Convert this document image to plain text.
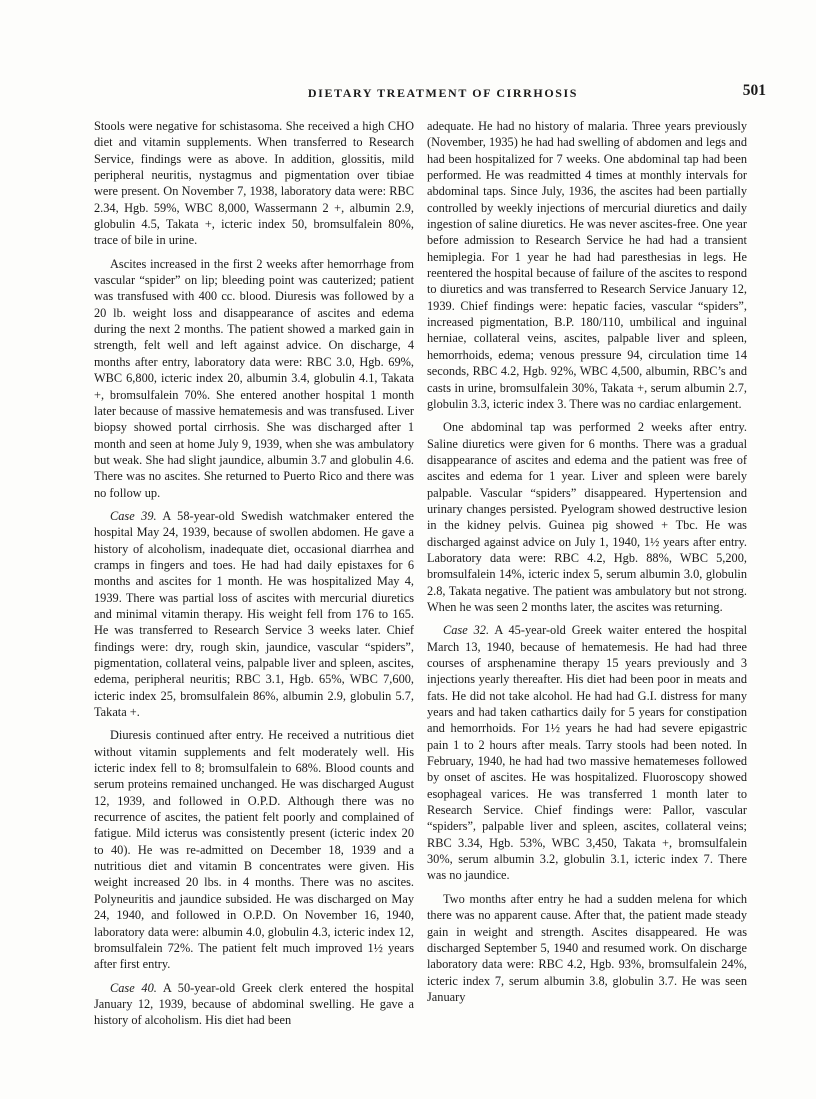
DIETARY TREATMENT OF CIRRHOSIS	501

Stools were negative for schistasoma. She received a high CHO diet and vitamin supplements. When transferred to Research Service, findings were as above. In addition, glossitis, mild peripheral neuritis, nystagmus and pigmentation over tibiae were present. On November 7, 1938, laboratory data were: RBC 2.34, Hgb. 59%, WBC 8,000, Wassermann 2 +, albumin 2.9, globulin 4.5, Takata +, icteric index 50, bromsulfalein 80%, trace of bile in urine.

Ascites increased in the first 2 weeks after hemorrhage from vascular “spider” on lip; bleeding point was cauterized; patient was transfused with 400 cc. blood. Diuresis was followed by a 20 lb. weight loss and disappearance of ascites and edema during the next 2 months. The patient showed a marked gain in strength, felt well and left against advice. On discharge, 4 months after entry, laboratory data were: RBC 3.0, Hgb. 69%, WBC 6,800, icteric index 20, albumin 3.4, globulin 4.1, Takata +, bromsulfalein 70%. She entered another hospital 1 month later because of massive hematemesis and was transfused. Liver biopsy showed portal cirrhosis. She was discharged after 1 month and seen at home July 9, 1939, when she was ambulatory but weak. She had slight jaundice, albumin 3.7 and globulin 4.6. There was no ascites. She returned to Puerto Rico and there was no follow up.

Case 39. A 58-year-old Swedish watchmaker entered the hospital May 24, 1939, because of swollen abdomen. He gave a history of alcoholism, inadequate diet, occasional diarrhea and cramps in fingers and toes. He had had daily epistaxes for 6 months and ascites for 1 month. He was hospitalized May 4, 1939. There was partial loss of ascites with mercurial diuretics and minimal vitamin therapy. His weight fell from 176 to 165. He was transferred to Research Service 3 weeks later. Chief findings were: dry, rough skin, jaundice, vascular “spiders”, pigmentation, collateral veins, palpable liver and spleen, ascites, edema, peripheral neuritis; RBC 3.1, Hgb. 65%, WBC 7,600, icteric index 25, bromsulfalein 86%, albumin 2.9, globulin 5.7, Takata +.

Diuresis continued after entry. He received a nutritious diet without vitamin supplements and felt moderately well. His icteric index fell to 8; bromsulfalein to 68%. Blood counts and serum proteins remained unchanged. He was discharged August 12, 1939, and followed in O.P.D. Although there was no recurrence of ascites, the patient felt poorly and complained of fatigue. Mild icterus was consistently present (icteric index 20 to 40). He was re-admitted on December 18, 1939 and a nutritious diet and vitamin B concentrates were given. His weight increased 20 lbs. in 4 months. There was no ascites. Polyneuritis and jaundice subsided. He was discharged on May 24, 1940, and followed in O.P.D. On November 16, 1940, laboratory data were: albumin 4.0, globulin 4.3, icteric index 12, bromsulfalein 72%. The patient felt much improved 1½ years after first entry.

Case 40. A 50-year-old Greek clerk entered the hospital January 12, 1939, because of abdominal swelling. He gave a history of alcoholism. His diet had been

adequate. He had no history of malaria. Three years previously (November, 1935) he had had swelling of abdomen and legs and had been hospitalized for 7 weeks. One abdominal tap had been performed. He was readmitted 4 times at monthly intervals for abdominal taps. Since July, 1936, the ascites had been partially controlled by weekly injections of mercurial diuretics and daily ingestion of saline diuretics. He was never ascites-free. One year before admission to Research Service he had had a transient hemiplegia. For 1 year he had had paresthesias in legs. He reentered the hospital because of failure of the ascites to respond to diuretics and was transferred to Research Service January 12, 1939. Chief findings were: hepatic facies, vascular “spiders”, increased pigmentation, B.P. 180/110, umbilical and inguinal herniae, collateral veins, ascites, palpable liver and spleen, hemorrhoids, edema; venous pressure 94, circulation time 14 seconds, RBC 4.2, Hgb. 92%, WBC 4,500, albumin, RBC’s and casts in urine, bromsulfalein 30%, Takata +, serum albumin 2.7, globulin 3.3, icteric index 3. There was no cardiac enlargement.

One abdominal tap was performed 2 weeks after entry. Saline diuretics were given for 6 months. There was a gradual disappearance of ascites and edema and the patient was free of ascites and edema for 1 year. Liver and spleen were barely palpable. Vascular “spiders” disappeared. Hypertension and urinary changes persisted. Pyelogram showed destructive lesion in the kidney pelvis. Guinea pig showed + Tbc. He was discharged against advice on July 1, 1940, 1½ years after entry. Laboratory data were: RBC 4.2, Hgb. 88%, WBC 5,200, bromsulfalein 14%, icteric index 5, serum albumin 3.0, globulin 2.8, Takata negative. The patient was ambulatory but not strong. When he was seen 2 months later, the ascites was returning.

Case 32. A 45-year-old Greek waiter entered the hospital March 13, 1940, because of hematemesis. He had had three courses of arsphenamine therapy 15 years previously and 3 injections yearly thereafter. His diet had been poor in meats and fats. He did not take alcohol. He had had G.I. distress for many years and had taken cathartics daily for 5 years for constipation and hemorrhoids. For 1½ years he had had severe epigastric pain 1 to 2 hours after meals. Tarry stools had been noted. In February, 1940, he had had two massive hematemeses followed by onset of ascites. He was hospitalized. Fluoroscopy showed esophageal varices. He was transferred 1 month later to Research Service. Chief findings were: Pallor, vascular “spiders”, palpable liver and spleen, ascites, collateral veins; RBC 3.34, Hgb. 53%, WBC 3,450, Takata +, bromsulfalein 30%, serum albumin 3.2, globulin 3.1, icteric index 7. There was no jaundice.

Two months after entry he had a sudden melena for which there was no apparent cause. After that, the patient made steady gain in weight and strength. Ascites disappeared. He was discharged September 5, 1940 and resumed work. On discharge laboratory data were: RBC 4.2, Hgb. 93%, bromsulfalein 24%, icteric index 7, serum albumin 3.8, globulin 3.7. He was seen January
